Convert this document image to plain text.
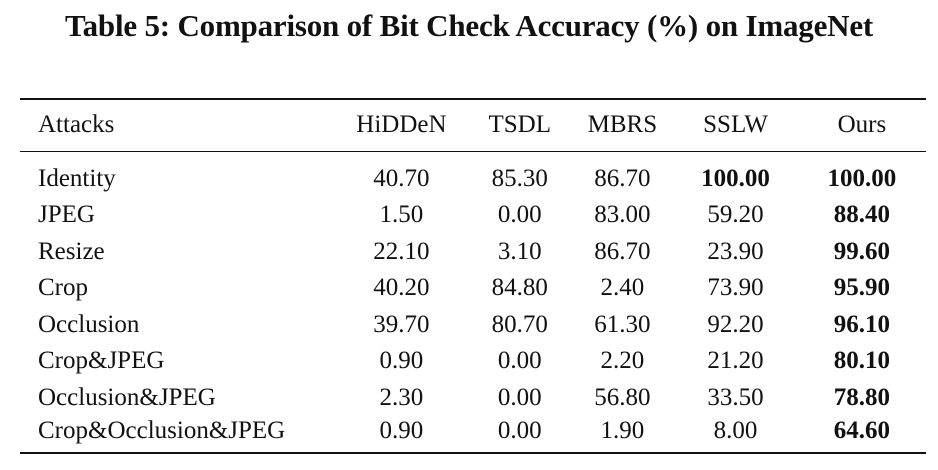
Table 5: Comparison of Bit Check Accuracy (%) on ImageNet
Attacks	HiDDeN	TSDL	MBRS	SSLW	Ours
Identity	40.70	85.30	86.70	100.00	100.00
JPEG	1.50	0.00	83.00	59.20	88.40
Resize	22.10	3.10	86.70	23.90	99.60
Crop	40.20	84.80	2.40	73.90	95.90
Occlusion	39.70	80.70	61.30	92.20	96.10
Crop&JPEG	0.90	0.00	2.20	21.20	80.10
Occlusion&JPEG	2.30	0.00	56.80	33.50	78.80
Crop&Occlusion&JPEG	0.90	0.00	1.90	8.00	64.60
